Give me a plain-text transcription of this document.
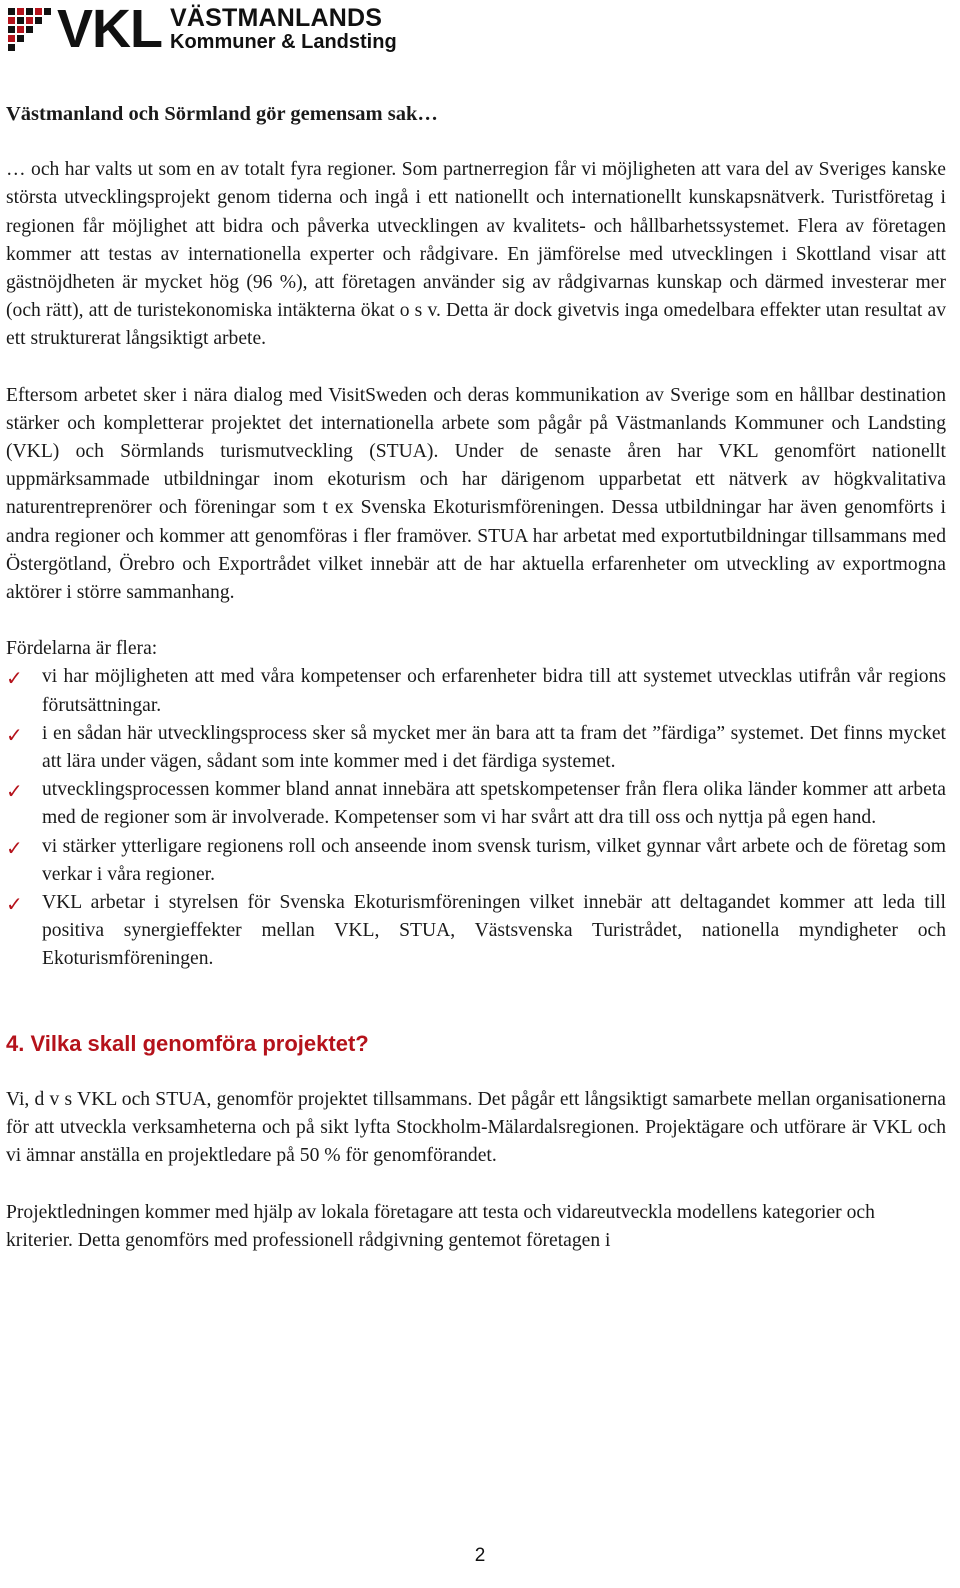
VKL VÄSTMANLANDS
Kommuner & Landsting

Västmanland och Sörmland gör gemensam sak…

… och har valts ut som en av totalt fyra regioner. Som partnerregion får vi möjligheten att vara del av Sveriges kanske största utvecklingsprojekt genom tiderna och ingå i ett nationellt och internationellt kunskapsnätverk. Turistföretag i regionen får möjlighet att bidra och påverka utvecklingen av kvalitets- och hållbarhetssystemet. Flera av företagen kommer att testas av internationella experter och rådgivare. En jämförelse med utvecklingen i Skottland visar att gästnöjdheten är mycket hög (96 %), att företagen använder sig av rådgivarnas kunskap och därmed investerar mer (och rätt), att de turistekonomiska intäkterna ökat o s v. Detta är dock givetvis inga omedelbara effekter utan resultat av ett strukturerat långsiktigt arbete.

Eftersom arbetet sker i nära dialog med VisitSweden och deras kommunikation av Sverige som en hållbar destination stärker och kompletterar projektet det internationella arbete som pågår på Västmanlands Kommuner och Landsting (VKL) och Sörmlands turismutveckling (STUA). Under de senaste åren har VKL genomfört nationellt uppmärksammade utbildningar inom ekoturism och har därigenom upparbetat ett nätverk av högkvalitativa naturentreprenörer och föreningar som t ex Svenska Ekoturismföreningen. Dessa utbildningar har även genomförts i andra regioner och kommer att genomföras i fler framöver. STUA har arbetat med exportutbildningar tillsammans med Östergötland, Örebro och Exportrådet vilket innebär att de har aktuella erfarenheter om utveckling av exportmogna aktörer i större sammanhang.

Fördelarna är flera:

✓ vi har möjligheten att med våra kompetenser och erfarenheter bidra till att systemet utvecklas utifrån vår regions förutsättningar.
✓ i en sådan här utvecklingsprocess sker så mycket mer än bara att ta fram det ”färdiga” systemet. Det finns mycket att lära under vägen, sådant som inte kommer med i det färdiga systemet.
✓ utvecklingsprocessen kommer bland annat innebära att spetskompetenser från flera olika länder kommer att arbeta med de regioner som är involverade. Kompetenser som vi har svårt att dra till oss och nyttja på egen hand.
✓ vi stärker ytterligare regionens roll och anseende inom svensk turism, vilket gynnar vårt arbete och de företag som verkar i våra regioner.
✓ VKL arbetar i styrelsen för Svenska Ekoturismföreningen vilket innebär att deltagandet kommer att leda till positiva synergieffekter mellan VKL, STUA, Västsvenska Turistrådet, nationella myndigheter och Ekoturismföreningen.

4. Vilka skall genomföra projektet?

Vi, d v s VKL och STUA, genomför projektet tillsammans. Det pågår ett långsiktigt samarbete mellan organisationerna för att utveckla verksamheterna och på sikt lyfta Stockholm-Mälardalsregionen. Projektägare och utförare är VKL och vi ämnar anställa en projektledare på 50 % för genomförandet.

Projektledningen kommer med hjälp av lokala företagare att testa och vidareutveckla modellens kategorier och kriterier. Detta genomförs med professionell rådgivning gentemot företagen i

2
